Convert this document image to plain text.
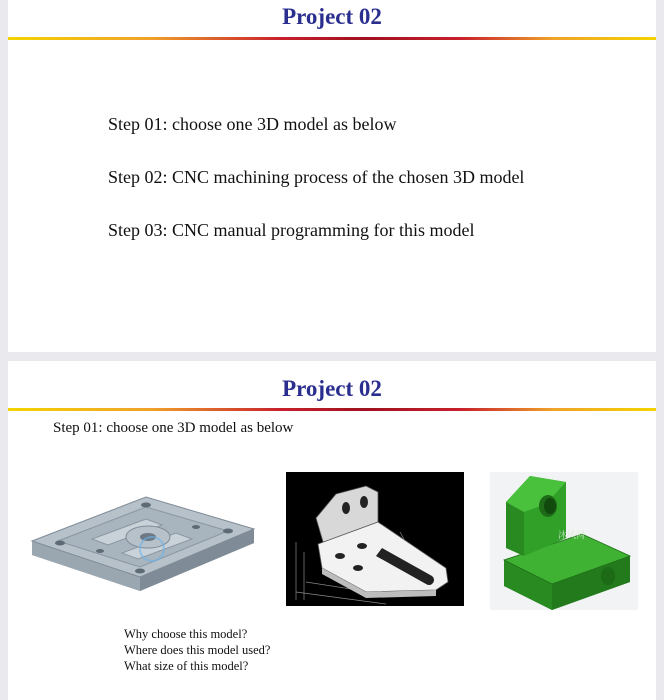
Project 02
Step 01: choose one 3D model as below
Step 02: CNC machining process of the chosen 3D model
Step 03: CNC manual programming for this model
Project 02
Step 01: choose one 3D model as below
沐风网
Why choose this model?
Where does this model used?
What size of this model?
